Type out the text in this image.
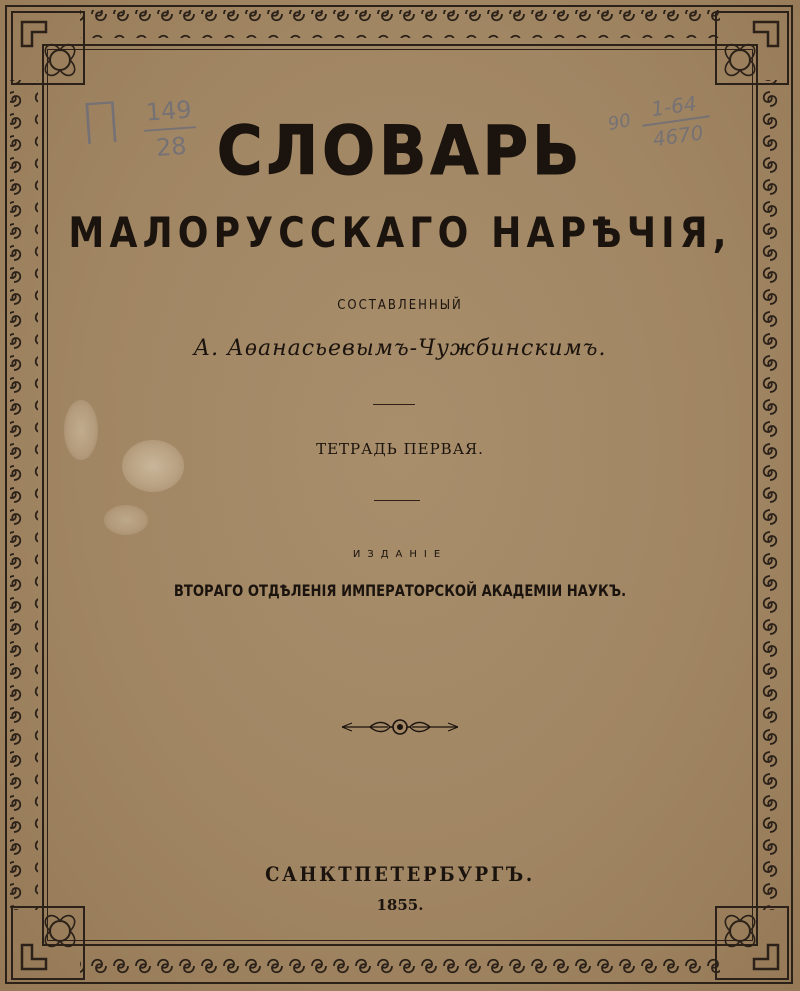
П 149
28
90
1-64
4670
СЛОВАРЬ
МАЛОРУССКАГО НАРѢЧІЯ,
СОСТАВЛЕННЫЙ
А. Аѳанасьевымъ-Чужбинскимъ.
ТЕТРАДЬ ПЕРВАЯ.
ИЗДАНІЕ
ВТОРАГО ОТДѢЛЕНІЯ ИМПЕРАТОРСКОЙ АКАДЕМІИ НАУКЪ.
САНКТПЕТЕРБУРГЪ.
1855.
